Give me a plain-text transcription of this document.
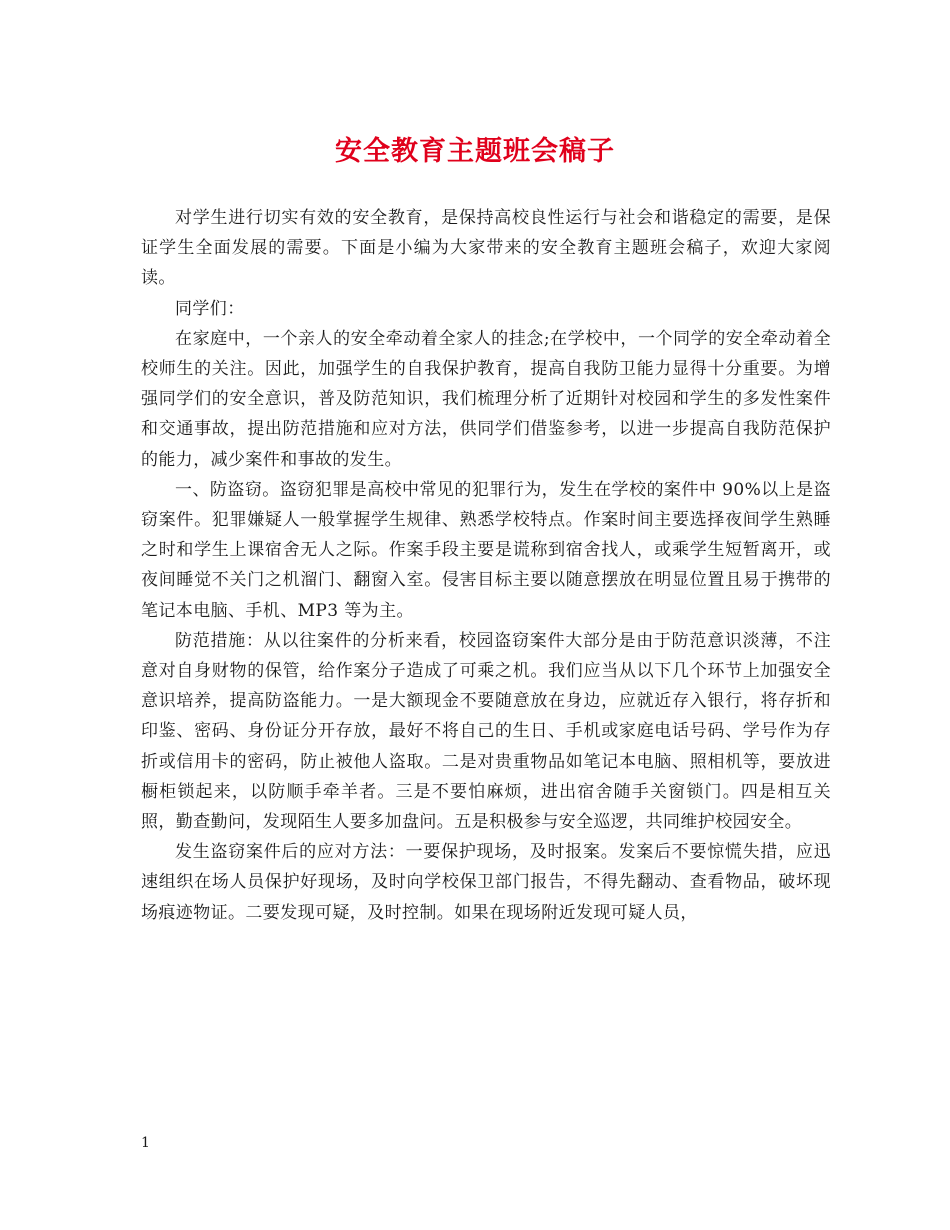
安全教育主题班会稿子

对学生进行切实有效的安全教育，是保持高校良性运行与社会和谐稳定的需要，是保证学生全面发展的需要。下面是小编为大家带来的安全教育主题班会稿子，欢迎大家阅读。

同学们：

在家庭中，一个亲人的安全牵动着全家人的挂念;在学校中，一个同学的安全牵动着全校师生的关注。因此，加强学生的自我保护教育，提高自我防卫能力显得十分重要。为增强同学们的安全意识，普及防范知识，我们梳理分析了近期针对校园和学生的多发性案件和交通事故，提出防范措施和应对方法，供同学们借鉴参考，以进一步提高自我防范保护的能力，减少案件和事故的发生。

一、防盗窃。盗窃犯罪是高校中常见的犯罪行为，发生在学校的案件中 90%以上是盗窃案件。犯罪嫌疑人一般掌握学生规律、熟悉学校特点。作案时间主要选择夜间学生熟睡之时和学生上课宿舍无人之际。作案手段主要是谎称到宿舍找人，或乘学生短暂离开，或夜间睡觉不关门之机溜门、翻窗入室。侵害目标主要以随意摆放在明显位置且易于携带的笔记本电脑、手机、MP3 等为主。

防范措施：从以往案件的分析来看，校园盗窃案件大部分是由于防范意识淡薄，不注意对自身财物的保管，给作案分子造成了可乘之机。我们应当从以下几个环节上加强安全意识培养，提高防盗能力。一是大额现金不要随意放在身边，应就近存入银行，将存折和印鉴、密码、身份证分开存放，最好不将自己的生日、手机或家庭电话号码、学号作为存折或信用卡的密码，防止被他人盗取。二是对贵重物品如笔记本电脑、照相机等，要放进橱柜锁起来，以防顺手牵羊者。三是不要怕麻烦，进出宿舍随手关窗锁门。四是相互关照，勤查勤问，发现陌生人要多加盘问。五是积极参与安全巡逻，共同维护校园安全。

发生盗窃案件后的应对方法：一要保护现场，及时报案。发案后不要惊慌失措，应迅速组织在场人员保护好现场，及时向学校保卫部门报告，不得先翻动、查看物品，破坏现场痕迹物证。二要发现可疑，及时控制。如果在现场附近发现可疑人员，

1
